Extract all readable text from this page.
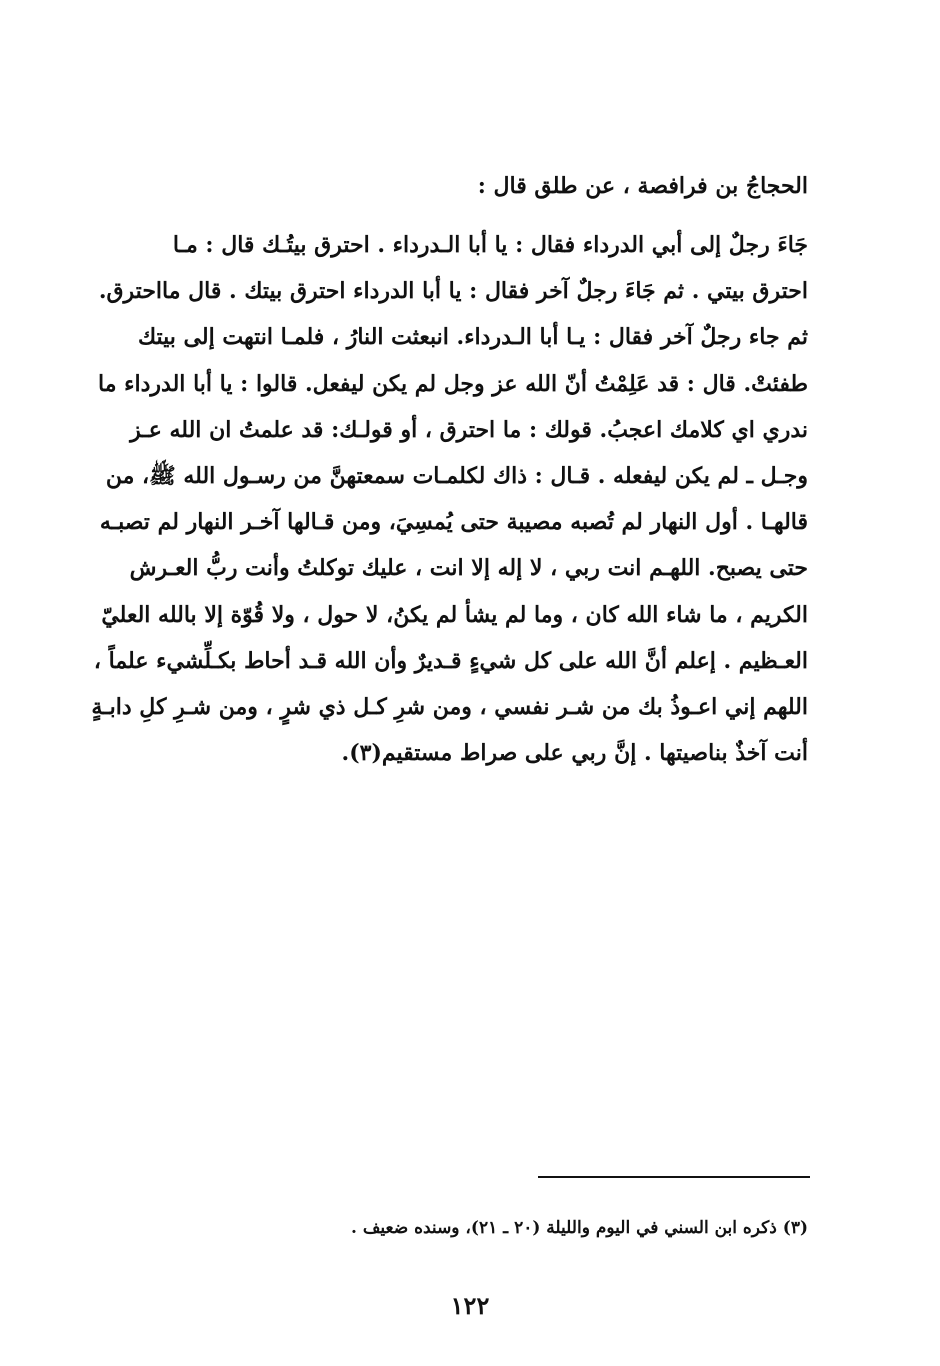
الحجاجُ بن فرافصة ، عن طلق قال :
جَاءَ رجلٌ إلى أبي الدرداء فقال : يا أبا الـدرداء . احترق بيتُـك قال : مـا
احترق بيتي . ثم جَاءَ رجلٌ آخر فقال : يا أبا الدرداء احترق بيتك . قال مااحترق.
ثم جاء رجلٌ آخر فقال : يـا أبا الـدرداء. انبعثت النارُ ، فلمـا انتهت إلى بيتك
طفئتْ. قال : قد عَلِمْتُ أنّ الله عز وجل لم يكن ليفعل. قالوا : يا أبا الدرداء ما
ندري اي كلامك اعجبُ. قولك : ما احترق ، أو قولـك: قد علمتُ ان الله عـز
وجـل ـ لم يكن ليفعله . قـال : ذاك لكلمـات سمعتهنَّ من رسـول الله ﷺ، من
قالهـا . أول النهار لم تُصبه مصيبة حتى يُمسِيَ، ومن قـالها آخـر النهار لم تصبـه
حتى يصبح. اللهـم انت ربي ، لا إله إلا انت ، عليك توكلتُ وأنت ربُّ العـرش
الكريم ، ما شاء الله كان ، وما لم يشأ لم يكنُ، لا حول ، ولا قُوّة إلا بالله العليّ
العـظيم . إعلم أنَّ الله على كل شيءٍ قـديرٌ وأن الله قـد أحاط بكـلِّشيء علماً ،
اللهم إني اعـوذُ بك من شـر نفسي ، ومن شرِ كـل ذي شرٍ ، ومن شـرِ كلِ دابـةٍ
أنت آخذٌ بناصيتها . إنَّ ربي على صراط مستقيم(٣).
(٣) ذكره ابن السني في اليوم والليلة (٢٠ ـ ٢١)، وسنده ضعيف .
١٢٢
